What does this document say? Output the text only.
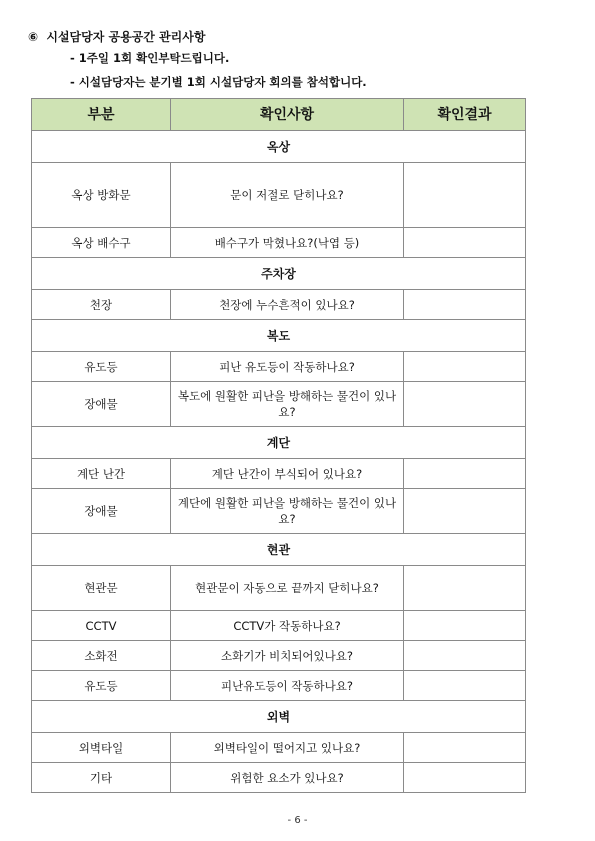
⑥ 시설담당자 공용공간 관리사항
- 1주일 1회 확인부탁드립니다.
- 시설담당자는 분기별 1회 시설담당자 회의를 참석합니다.
부분	확인사항	확인결과
옥상		
옥상 방화문	문이 저절로 닫히나요?	
옥상 배수구	배수구가 막혔나요?(낙엽 등)	
주차장		
천장	천장에 누수흔적이 있나요?	
복도		
유도등	피난 유도등이 작동하나요?	
장애물	복도에 원활한 피난을 방해하는 물건이 있나요?	
계단		
계단 난간	계단 난간이 부식되어 있나요?	
장애물	계단에 원활한 피난을 방해하는 물건이 있나요?	
현관		
현관문	현관문이 자동으로 끝까지 닫히나요?	
CCTV	CCTV가 작동하나요?	
소화전	소화기가 비치되어있나요?	
유도등	피난유도등이 작동하나요?	
외벽		
외벽타일	외벽타일이 떨어지고 있나요?	
기타	위험한 요소가 있나요?	
- 6 -
